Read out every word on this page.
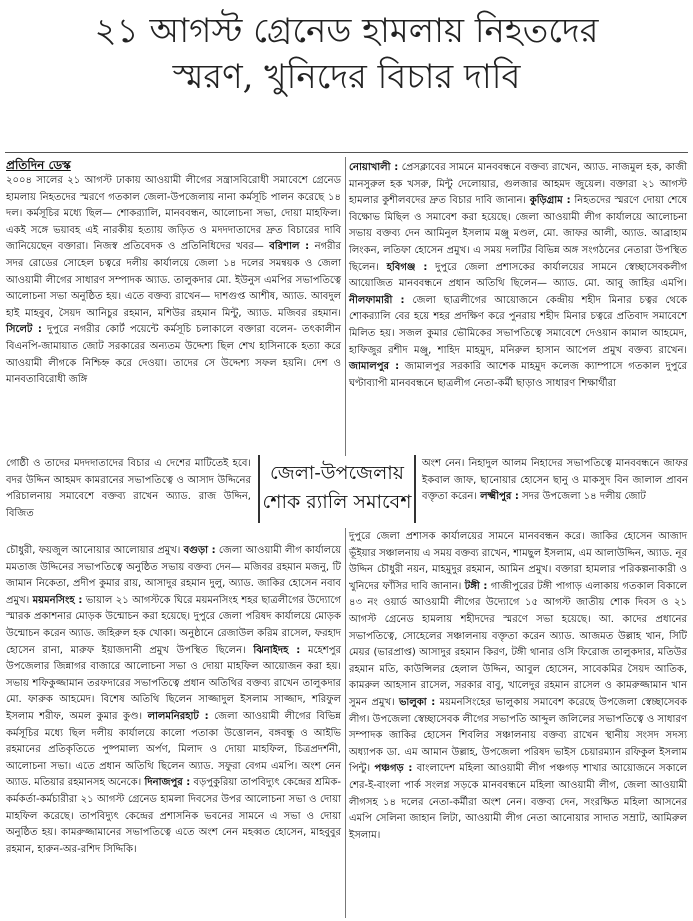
২১ আগস্ট গ্রেনেড হামলায় নিহতদের
স্মরণ, খুনিদের বিচার দাবি
প্রতিদিন ডেস্ক

২০০৪ সালের ২১ আগস্ট ঢাকায় আওয়ামী লীগের সন্ত্রাসবিরোধী সমাবেশে গ্রেনেড হামলায় নিহতদের স্মরণে গতকাল জেলা-উপজেলায় নানা কর্মসূচি পালন করেছে ১৪ দল। কর্মসূচির মধ্যে ছিল— শোকর‌্যালি, মানববন্ধন, আলোচনা সভা, দোয়া মাহফিল। একই সঙ্গে ভয়াবহ এই নারকীয় হত্যায় জড়িত ও মদদদাতাদের দ্রুত বিচারের দাবি জানিয়েছেন বক্তারা। নিজস্ব প্রতিবেদক ও প্রতিনিধিদের খবর— বরিশাল : নগরীর সদর রোডের সোহেল চত্বরে দলীয় কার্যালয়ে জেলা ১৪ দলের সমন্বয়ক ও জেলা আওয়ামী লীগের সাধারণ সম্পাদক অ্যাড. তালুকদার মো. ইউনুস এমপির সভাপতিত্বে আলোচনা সভা অনুষ্ঠিত হয়। এতে বক্তব্য রাখেন— দাশগুপ্ত আশীষ, অ্যাড. আবদুল হাই মাহবুব, সৈয়দ আনিচুর রহমান, মশিউর রহমান মিন্টু, অ্যাড. মজিবর রহমান। সিলেট : দুপুরে নগরীর কোর্ট পয়েন্টে কর্মসূচি চলাকালে বক্তারা বলেন- তৎকালীন বিএনপি-জামায়াত জোট সরকারের অন্যতম উদ্দেশ্য ছিল শেখ হাসিনাকে হত্যা করে আওয়ামী লীগকে নিশ্চিহ্ন করে দেওয়া। তাদের সে উদ্দেশ্য সফল হয়নি। দেশ ও মানবতাবিরোধী জঙ্গি

গোষ্ঠী ও তাদের মদদদাতাদের বিচার এ দেশের মাটিতেই হবে। বদর উদ্দিন আহমদ কামরানের সভাপতিত্বে ও আসাদ উদ্দিনের পরিচালনায় সমাবেশে বক্তব্য রাখেন অ্যাড. রাজ উদ্দিন, বিজিত

জেলা-উপজেলায়
শোক র‌্যালি সমাবেশ

অংশ নেন। নিহাদুল আলম নিহাদের সভাপতিত্বে মানববন্ধনে জাফর ইকবাল জাফ, ছানোয়ার হোসেন ছানু ও মাকসুদ বিন জালাল প্রাবন বক্তৃতা করেন। লক্ষ্মীপুর : সদর উপজেলা ১৪ দলীয় জোট

চৌধুরী, ফয়জুল আনোয়ার আলোয়ার প্রমুখ। বগুড়া : জেলা আওয়ামী লীগ কার্যালয়ে মমতাজ উদ্দিনের সভাপতিত্বে অনুষ্ঠিত সভায় বক্তব্য দেন— মজিবর রহমান মজনু, টি জামান নিকেতা, প্রদীপ কুমার রায়, আসাদুর রহমান দুলু, অ্যাড. জাকির হোসেন নবাব প্রমুখ। ময়মনসিংহ : ভায়াল ২১ আগস্টকে ঘিরে ময়মনসিংহ শহর ছাত্রলীগের উদ্যোগে স্মারক প্রকাশনার মোড়ক উন্মোচন করা হয়েছে। দুপুরে জেলা পরিষদ কার্যালয়ে মোড়ক উন্মোচন করেন অ্যাড. জহিরুল হক খোকা। অনুষ্ঠানে রেজাউল করিম রাসেল, ফরহাদ হোসেন রানা, মারুফ ইয়াজদানী প্রমুখ উপস্থিত ছিলেন। ঝিনাইদহ : মহেশপুর উপজেলার জিন্নাগর বাজারে আলোচনা সভা ও দোয়া মাহফিল আয়োজন করা হয়। সভায় শফিকুজ্জামান তরফদারের সভাপতিত্বে প্রধান অতিথির বক্তব্য রাখেন তালুকদার মো. ফারুক আহমেদ। বিশেষ অতিথি ছিলেন সাজ্জাদুল ইসলাম সাজ্জাদ, শরিফুল ইসলাম শরীফ, অমল কুমার কুণ্ড। লালমনিরহাট : জেলা আওয়ামী লীগের বিভিন্ন কর্মসূচির মধ্যে ছিল দলীয় কার্যালয়ে কালো পতাকা উত্তোলন, বঙ্গবন্ধু ও আইভি রহমানের প্রতিকৃতিতে পুষ্পমাল্য অর্পণ, মিলাদ ও দোয়া মাহফিল, চিত্রপ্রদর্শনী, আলোচনা সভা। এতে প্রধান অতিথি ছিলেন অ্যাড. সফুরা বেগম এমপি। অংশ নেন অ্যাড. মতিয়ার রহমানসহ অনেকে। দিনাজপুর : বড়পুকুরিয়া তাপবিদ্যুৎ কেন্দ্রের শ্রমিক-কর্মকর্তা-কর্মচারীরা ২১ আগস্ট গ্রেনেড হামলা দিবসের উপর আলোচনা সভা ও দোয়া মাহফিল করেছে। তাপবিদ্যুৎ কেন্দ্রের প্রশাসনিক ভবনের সামনে এ সভা ও দোয়া অনুষ্ঠিত হয়। কামরুজ্জামানের সভাপতিত্বে এতে অংশ নেন মহব্বত হোসেন, মাহবুবুর রহমান, হারুন-অর-রশিদ সিদ্দিকি।

নোয়াখালী : প্রেসক্লাবের সামনে মানববন্ধনে বক্তব্য রাখেন, অ্যাড. নাজমুল হক, কাজী মানসুরুল হক খসরু, মিন্টু দেলোয়ার, গুলজার আহমদ জুয়েল। বক্তারা ২১ আগস্ট হামলার কুশীলবদের দ্রুত বিচার দাবি জানান। কুড়িগ্রাম : নিহতদের স্মরণে দোয়া শেষে বিক্ষোভ মিছিল ও সমাবেশ করা হয়েছে। জেলা আওয়ামী লীগ কার্যালয়ে আলোচনা সভায় বক্তব্য দেন আমিনুল ইসলাম মঞ্জু মণ্ডল, মো. জাফর আলী, অ্যাড. আব্রাহাম লিংকন, লতিফা হোসেন প্রমুখ। এ সময় দলটির বিভিন্ন অঙ্গ সংগঠনের নেতারা উপস্থিত ছিলেন। হবিগঞ্জ : দুপুরে জেলা প্রশাসকের কার্যালয়ের সামনে স্বেচ্ছাসেবকলীগ আয়োজিত মানববন্ধনে প্রধান অতিথি ছিলেন— অ্যাড. মো. আবু জাহির এমপি। নীলফামারী : জেলা ছাত্রলীগের আয়োজনে কেন্দ্রীয় শহীদ মিনার চত্বর থেকে শোকর‌্যালি বের হয়ে শহর প্রদক্ষিণ করে পুনরায় শহীদ মিনার চত্বরে প্রতিবাদ সমাবেশে মিলিত হয়। সজল কুমার ভৌমিকের সভাপতিত্বে সমাবেশে দেওয়ান কামাল আহমেদ, হাফিজুর রশীদ মঞ্জু, শাহিদ মাহমুদ, মনিরুল হাসান আপেল প্রমুখ বক্তব্য রাখেন। জামালপুর : জামালপুর সরকারি আশেক মাহমুদ কলেজ ক্যাম্পাসে গতকাল দুপুরে ঘণ্টাব্যাপী মানববন্ধনে ছাত্রলীগ নেতা-কর্মী ছাড়াও সাধারণ শিক্ষার্থীরা

দুপুরে জেলা প্রশাসক কার্যালয়ের সামনে মানববন্ধন করে। জাকির হোসেন আজাদ ভূঁইয়ার সঞ্চালনায় এ সময় বক্তব্য রাখেন, শামছুল ইসলাম, এম আলাউদ্দিন, অ্যাড. নূর উদ্দিন চৌধুরী নয়ন, মাহমুদুর রহমান, আমিন প্রমুখ। বক্তারা হামলার পরিকল্পনাকারী ও খুনিদের ফাঁসির দাবি জানান। টঙ্গী : গাজীপুরের টঙ্গী পাগাড় এলাকায় গতকাল বিকালে ৪৩ নং ওয়ার্ড আওয়ামী লীগের উদ্যোগে ১৫ আগস্ট জাতীয় শোক দিবস ও ২১ আগস্ট গ্রেনেড হামলায় শহীদদের স্মরণে সভা হয়েছে। আ. কাদের প্রধানের সভাপতিত্বে, সোহেলের সঞ্চালনায় বক্তৃতা করেন অ্যাড. আজমত উল্লাহ খান, সিটি মেয়র (ভারপ্রাপ্ত) আসাদুর রহমান কিরণ, টঙ্গী থানার ওসি ফিরোজ তালুকদার, মতিউর রহমান মতি, কাউন্সিলর হেলাল উদ্দিন, আবুল হোসেন, সাবেকমির সৈয়দ আতিক, কামরুল আহসান রাসেল, সরকার বাবু, খালেদুর রহমান রাসেল ও কামরুজ্জামান খান সুমন প্রমুখ। ভালুকা : ময়মনসিংহের ভালুকায় সমাবেশ করেছে উপজেলা স্বেচ্ছাসেবক লীগ। উপজেলা স্বেচ্ছাসেবক লীগের সভাপতি আব্দুল জলিলের সভাপতিত্বে ও সাধারণ সম্পাদক জাকির হোসেন শিবলির সঞ্চালনায় বক্তব্য রাখেন স্থানীয় সংসদ সদস্য অধ্যাপক ডা. এম আমান উল্লাহ, উপজেলা পরিষদ ভাইস চেয়ারম্যান রফিকুল ইসলাম পিন্টু। পঞ্চগড় : বাংলাদেশ মহিলা আওয়ামী লীগ পঞ্চগড় শাখার আয়োজনে সকালে শের-ই-বাংলা পার্ক সংলগ্ন সড়কে মানববন্ধনে মহিলা আওয়ামী লীগ, জেলা আওয়ামী লীগসহ ১৪ দলের নেতা-কর্মীরা অংশ নেন। বক্তব্য দেন, সংরক্ষিত মহিলা আসনের এমপি সেলিনা জাহান লিটা, আওয়ামী লীগ নেতা আনোয়ার সাদাত সম্রাট, আমিরুল ইসলাম।
